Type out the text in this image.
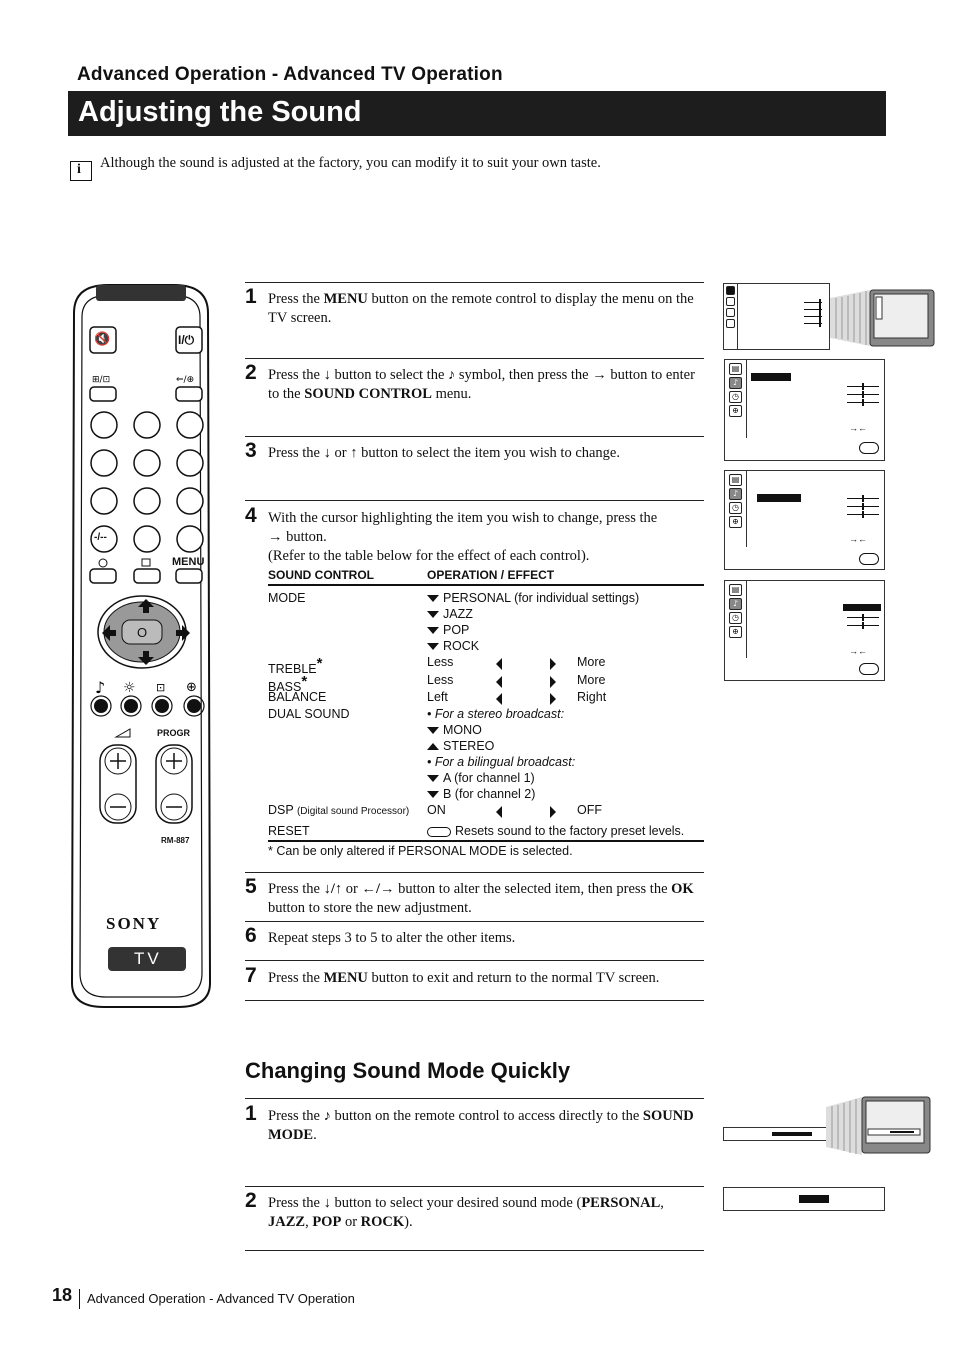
Advanced Operation - Advanced TV Operation
Adjusting the Sound
i Although the sound is adjusted at the factory, you can modify it to suit your own taste.
⊞/⊡	⇐/⊕
♪ ☼ ⊡ ⊕
MENU
PROGR
RM-887
SONY
TV
🔇	I/⏻
-/--
O
1 Press the MENU button on the remote control to display the menu on the TV screen.
2 Press the ↓ button to select the ♪ symbol, then press the → button to enter to the SOUND CONTROL menu.
3 Press the ↓ or ↑ button to select the item you wish to change.
4 With the cursor highlighting the item you wish to change, press the
→ button.
(Refer to the table below for the effect of each control).
SOUND CONTROL	OPERATION / EFFECT
MODE	PERSONAL (for individual settings)
JAZZ
POP
ROCK
TREBLE*	Less	More
BASS*	Less	More
BALANCE	Left	Right
DUAL SOUND	• For a stereo broadcast:
MONO
STEREO
• For a bilingual broadcast:
A (for channel 1)
B (for channel 2)
DSP (Digital sound Processor) ON	OFF
RESET	Resets sound to the factory preset levels.
* Can be only altered if PERSONAL MODE is selected.
5 Press the ↓/↑ or ←/→ button to alter the selected item, then press the OK button to store the new adjustment.
6 Repeat steps 3 to 5 to alter the other items.
7 Press the MENU button to exit and return to the normal TV screen.
▤
♪
◷
⊕
→←
▤
♪
◷
⊕
→←
▤
♪
◷
⊕
→←
Changing Sound Mode Quickly
1 Press the ♪ button on the remote control to access directly to the SOUND MODE.
2 Press the ↓ button to select your desired sound mode (PERSONAL, JAZZ, POP or ROCK).
18 Advanced Operation - Advanced TV Operation
